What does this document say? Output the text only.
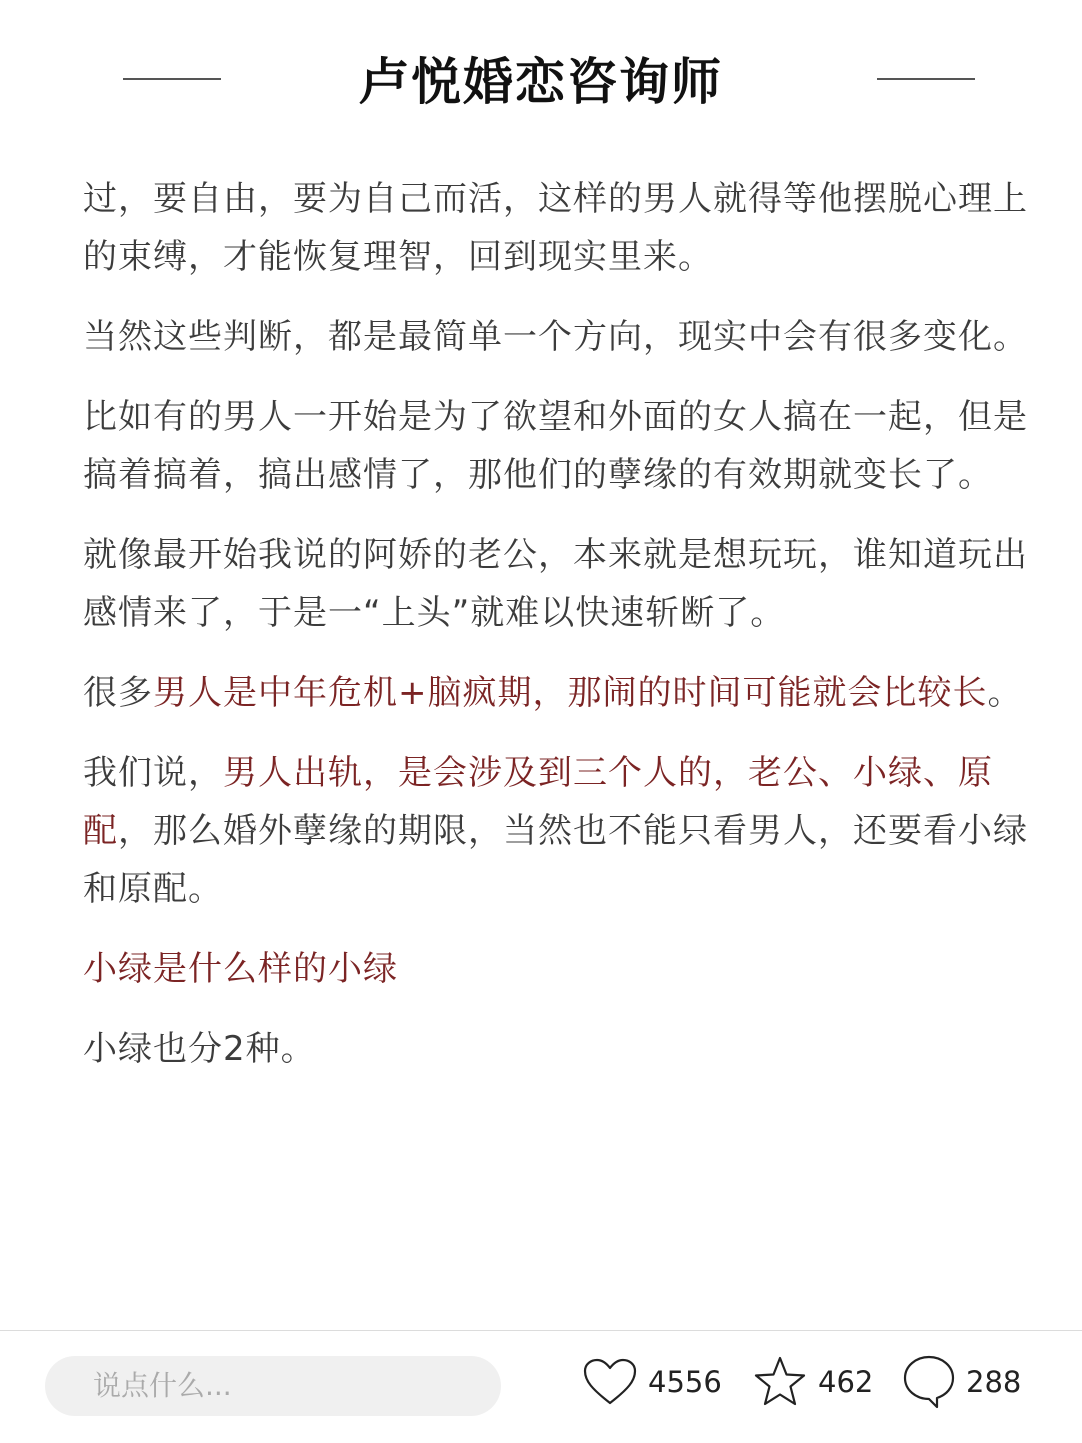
卢悦婚恋咨询师

过，要自由，要为自己而活，这样的男人就得等他摆脱心理上的束缚，才能恢复理智，回到现实里来。

当然这些判断，都是最简单一个方向，现实中会有很多变化。

比如有的男人一开始是为了欲望和外面的女人搞在一起，但是搞着搞着，搞出感情了，那他们的孽缘的有效期就变长了。

就像最开始我说的阿娇的老公，本来就是想玩玩，谁知道玩出感情来了，于是一“上头”就难以快速斩断了。

很多男人是中年危机+脑疯期，那闹的时间可能就会比较长。

我们说，男人出轨，是会涉及到三个人的，老公、小绿、原配，那么婚外孽缘的期限，当然也不能只看男人，还要看小绿和原配。

小绿是什么样的小绿

小绿也分2种。

说点什么...	4556	462	288
